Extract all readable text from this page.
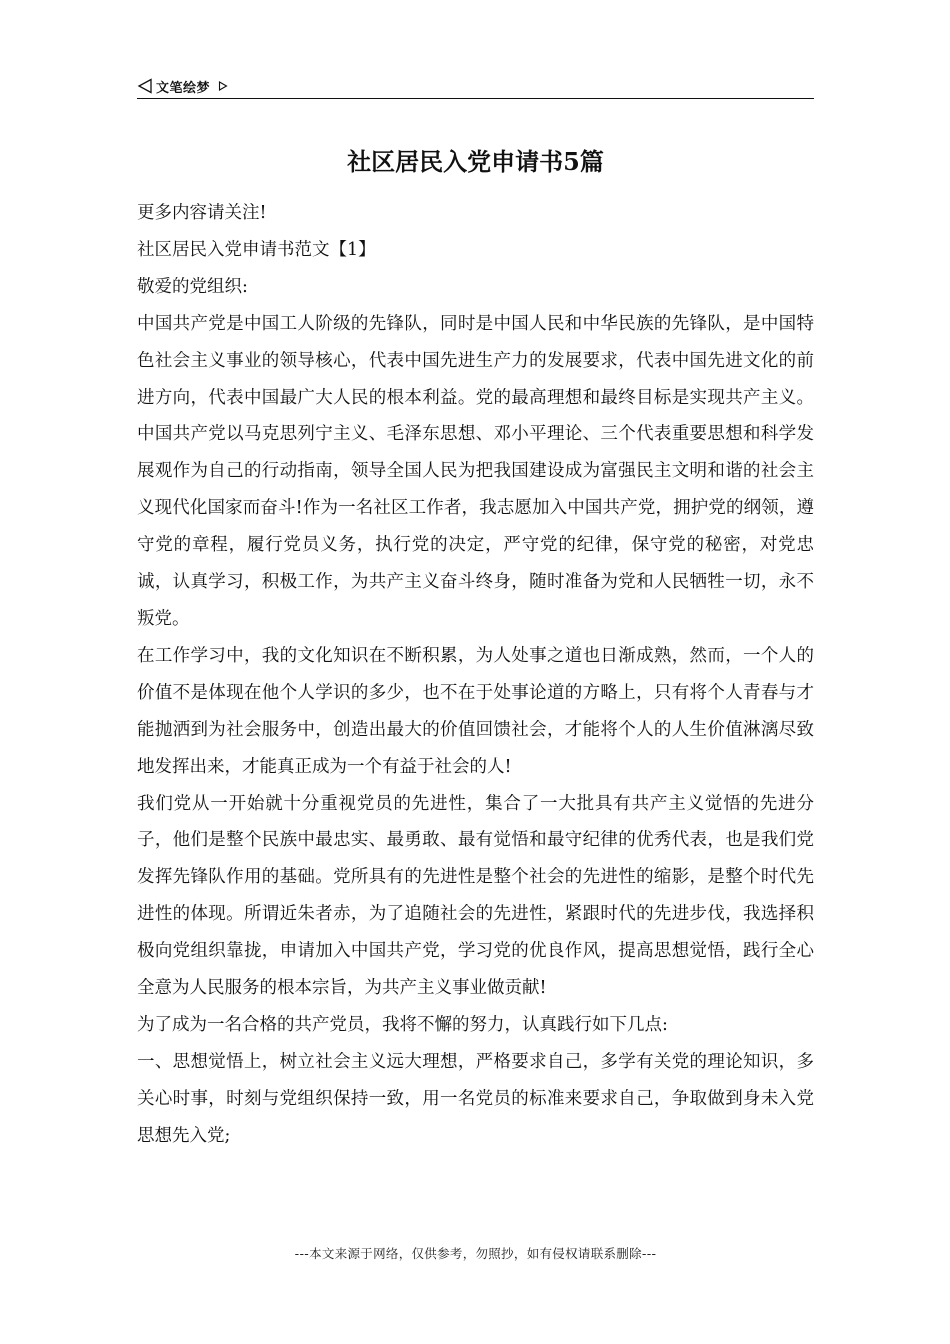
文笔绘梦
社区居民入党申请书5篇

更多内容请关注!

社区居民入党申请书范文【1】

敬爱的党组织:

中国共产党是中国工人阶级的先锋队，同时是中国人民和中华民族的先锋队，是中国特色社会主义事业的领导核心，代表中国先进生产力的发展要求，代表中国先进文化的前进方向，代表中国最广大人民的根本利益。党的最高理想和最终目标是实现共产主义。中国共产党以马克思列宁主义、毛泽东思想、邓小平理论、三个代表重要思想和科学发展观作为自己的行动指南，领导全国人民为把我国建设成为富强民主文明和谐的社会主义现代化国家而奋斗!作为一名社区工作者，我志愿加入中国共产党，拥护党的纲领，遵守党的章程，履行党员义务，执行党的决定，严守党的纪律，保守党的秘密，对党忠诚，认真学习，积极工作，为共产主义奋斗终身，随时准备为党和人民牺牲一切，永不叛党。

在工作学习中，我的文化知识在不断积累，为人处事之道也日渐成熟，然而，一个人的价值不是体现在他个人学识的多少，也不在于处事论道的方略上，只有将个人青春与才能抛洒到为社会服务中，创造出最大的价值回馈社会，才能将个人的人生价值淋漓尽致地发挥出来，才能真正成为一个有益于社会的人!

我们党从一开始就十分重视党员的先进性，集合了一大批具有共产主义觉悟的先进分子，他们是整个民族中最忠实、最勇敢、最有觉悟和最守纪律的优秀代表，也是我们党发挥先锋队作用的基础。党所具有的先进性是整个社会的先进性的缩影，是整个时代先进性的体现。所谓近朱者赤，为了追随社会的先进性，紧跟时代的先进步伐，我选择积极向党组织靠拢，申请加入中国共产党，学习党的优良作风，提高思想觉悟，践行全心全意为人民服务的根本宗旨，为共产主义事业做贡献!

为了成为一名合格的共产党员，我将不懈的努力，认真践行如下几点:

一、思想觉悟上，树立社会主义远大理想，严格要求自己，多学有关党的理论知识，多关心时事，时刻与党组织保持一致，用一名党员的标准来要求自己，争取做到身未入党思想先入党;

---本文来源于网络，仅供参考，勿照抄，如有侵权请联系删除---
